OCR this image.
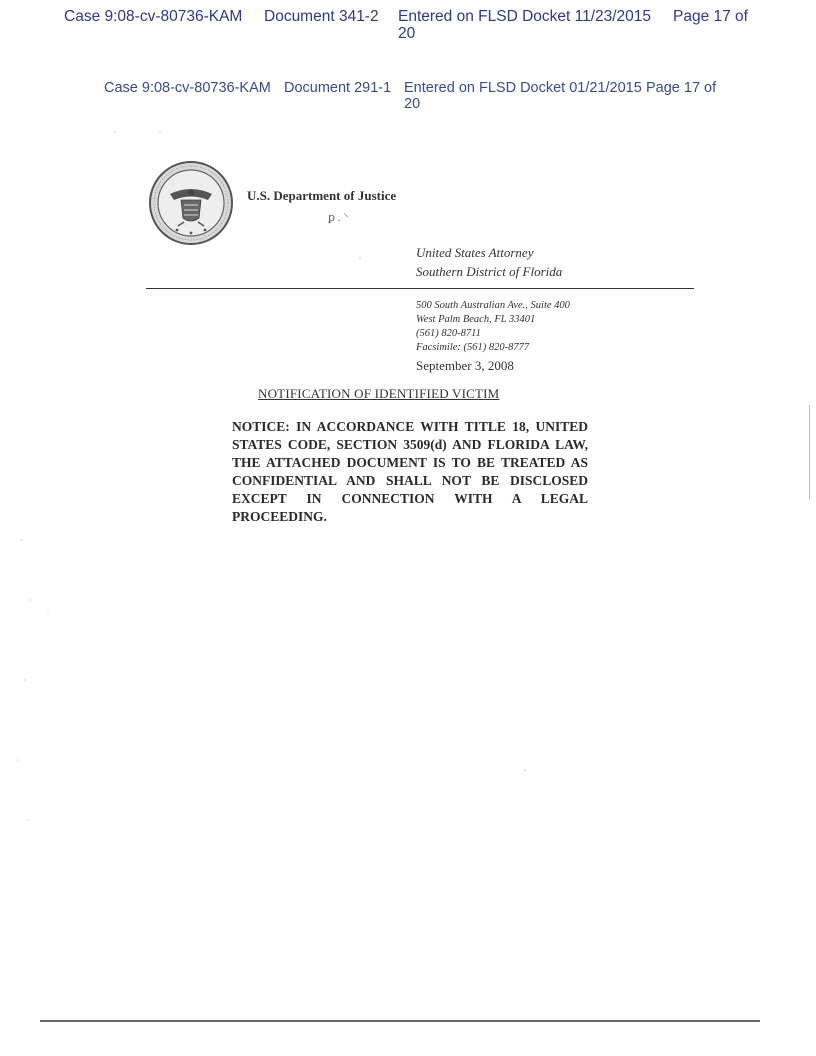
Case 9:08-cv-80736-KAM Document 341-2 Entered on FLSD Docket 11/23/2015
20
Page 17 of
Case 9:08-cv-80736-KAM Document 291-1 Entered on FLSD Docket 01/21/2015
20
Page 17 of
U.S. Department of Justice
ꝑ . ⸌
United States Attorney
Southern District of Florida
500 South Australian Ave., Suite 400
West Palm Beach, FL 33401
(561) 820-8711
Facsimile: (561) 820-8777
September 3, 2008
NOTIFICATION OF IDENTIFIED VICTIM
NOTICE: IN ACCORDANCE WITH TITLE 18, UNITED STATES CODE, SECTION 3509(d) AND FLORIDA LAW, THE ATTACHED DOCUMENT IS TO BE TREATED AS CONFIDENTIAL AND SHALL NOT BE DISCLOSED EXCEPT IN CONNECTION WITH A LEGAL PROCEEDING.
